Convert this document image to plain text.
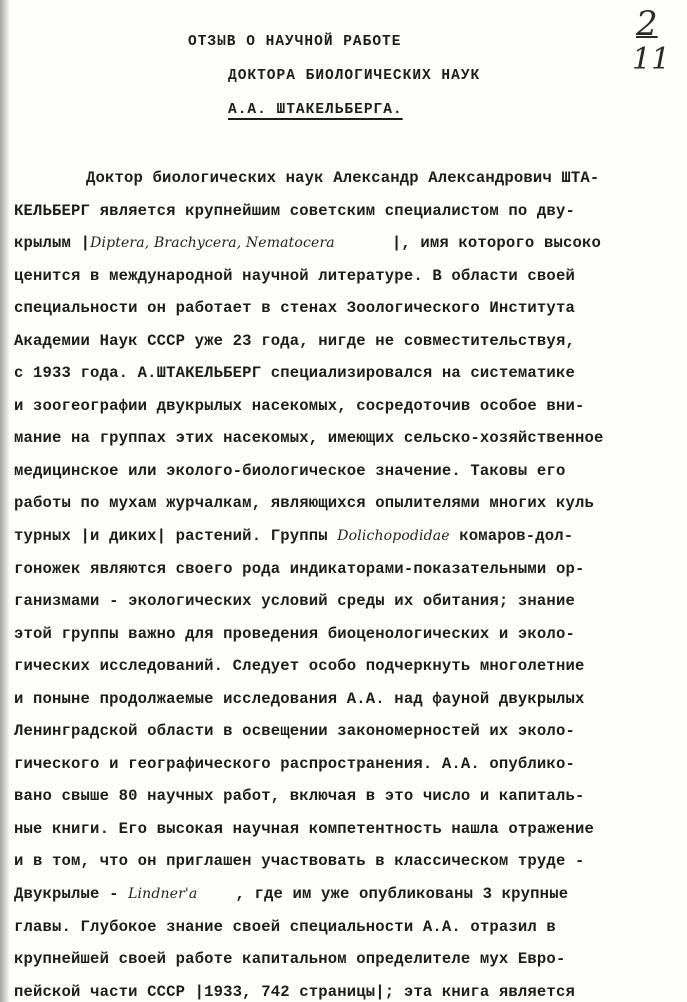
2
11
ОТЗЫВ О НАУЧНОЙ РАБОТЕ
ДОКТОРА БИОЛОГИЧЕСКИХ НАУК
А.А. ШТАКЕЛЬБЕРГА.
Доктор биологических наук Александр Александрович ШТА-
КЕЛЬБЕРГ является крупнейшим советским специалистом по дву-
крылым |Diptera, Brachycera, Nematocera	|, имя которого высоко
ценится в международной научной литературе. В области своей
специальности он работает в стенах Зоологического Института
Академии Наук СССР уже 23 года, нигде не совместительствуя,
с 1933 года. А.ШТАКЕЛЬБЕРГ специализировался на систематике
и зоогеографии двукрылых насекомых, сосредоточив особое вни-
мание на группах этих насекомых, имеющих сельско-хозяйственное
медицинское или эколого-биологическое значение. Таковы его
работы по мухам журчалкам, являющихся опылителями многих куль
турных |и диких| растений. Группы Dolichopodidae комаров-дол-
гоножек являются своего рода индикаторами-показательными ор-
ганизмами - экологических условий среды их обитания; знание
этой группы важно для проведения биоценологических и эколо-
гических исследований. Следует особо подчеркнуть многолетние
и поныне продолжаемые исследования А.А. над фауной двукрылых
Ленинградской области в освещении закономерностей их эколо-
гического и географического распространения. А.А. опублико-
вано свыше 80 научных работ, включая в это число и капиталь-
ные книги. Его высокая научная компетентность нашла отражение
и в том, что он приглашен участвовать в классическом труде -
Двукрылые - Lindner'a , где им уже опубликованы 3 крупные
главы. Глубокое знание своей специальности А.А. отразил в
крупнейшей своей работе капитальном определителе мух Евро-
пейской части СССР |1933, 742 страницы|; эта книга является
